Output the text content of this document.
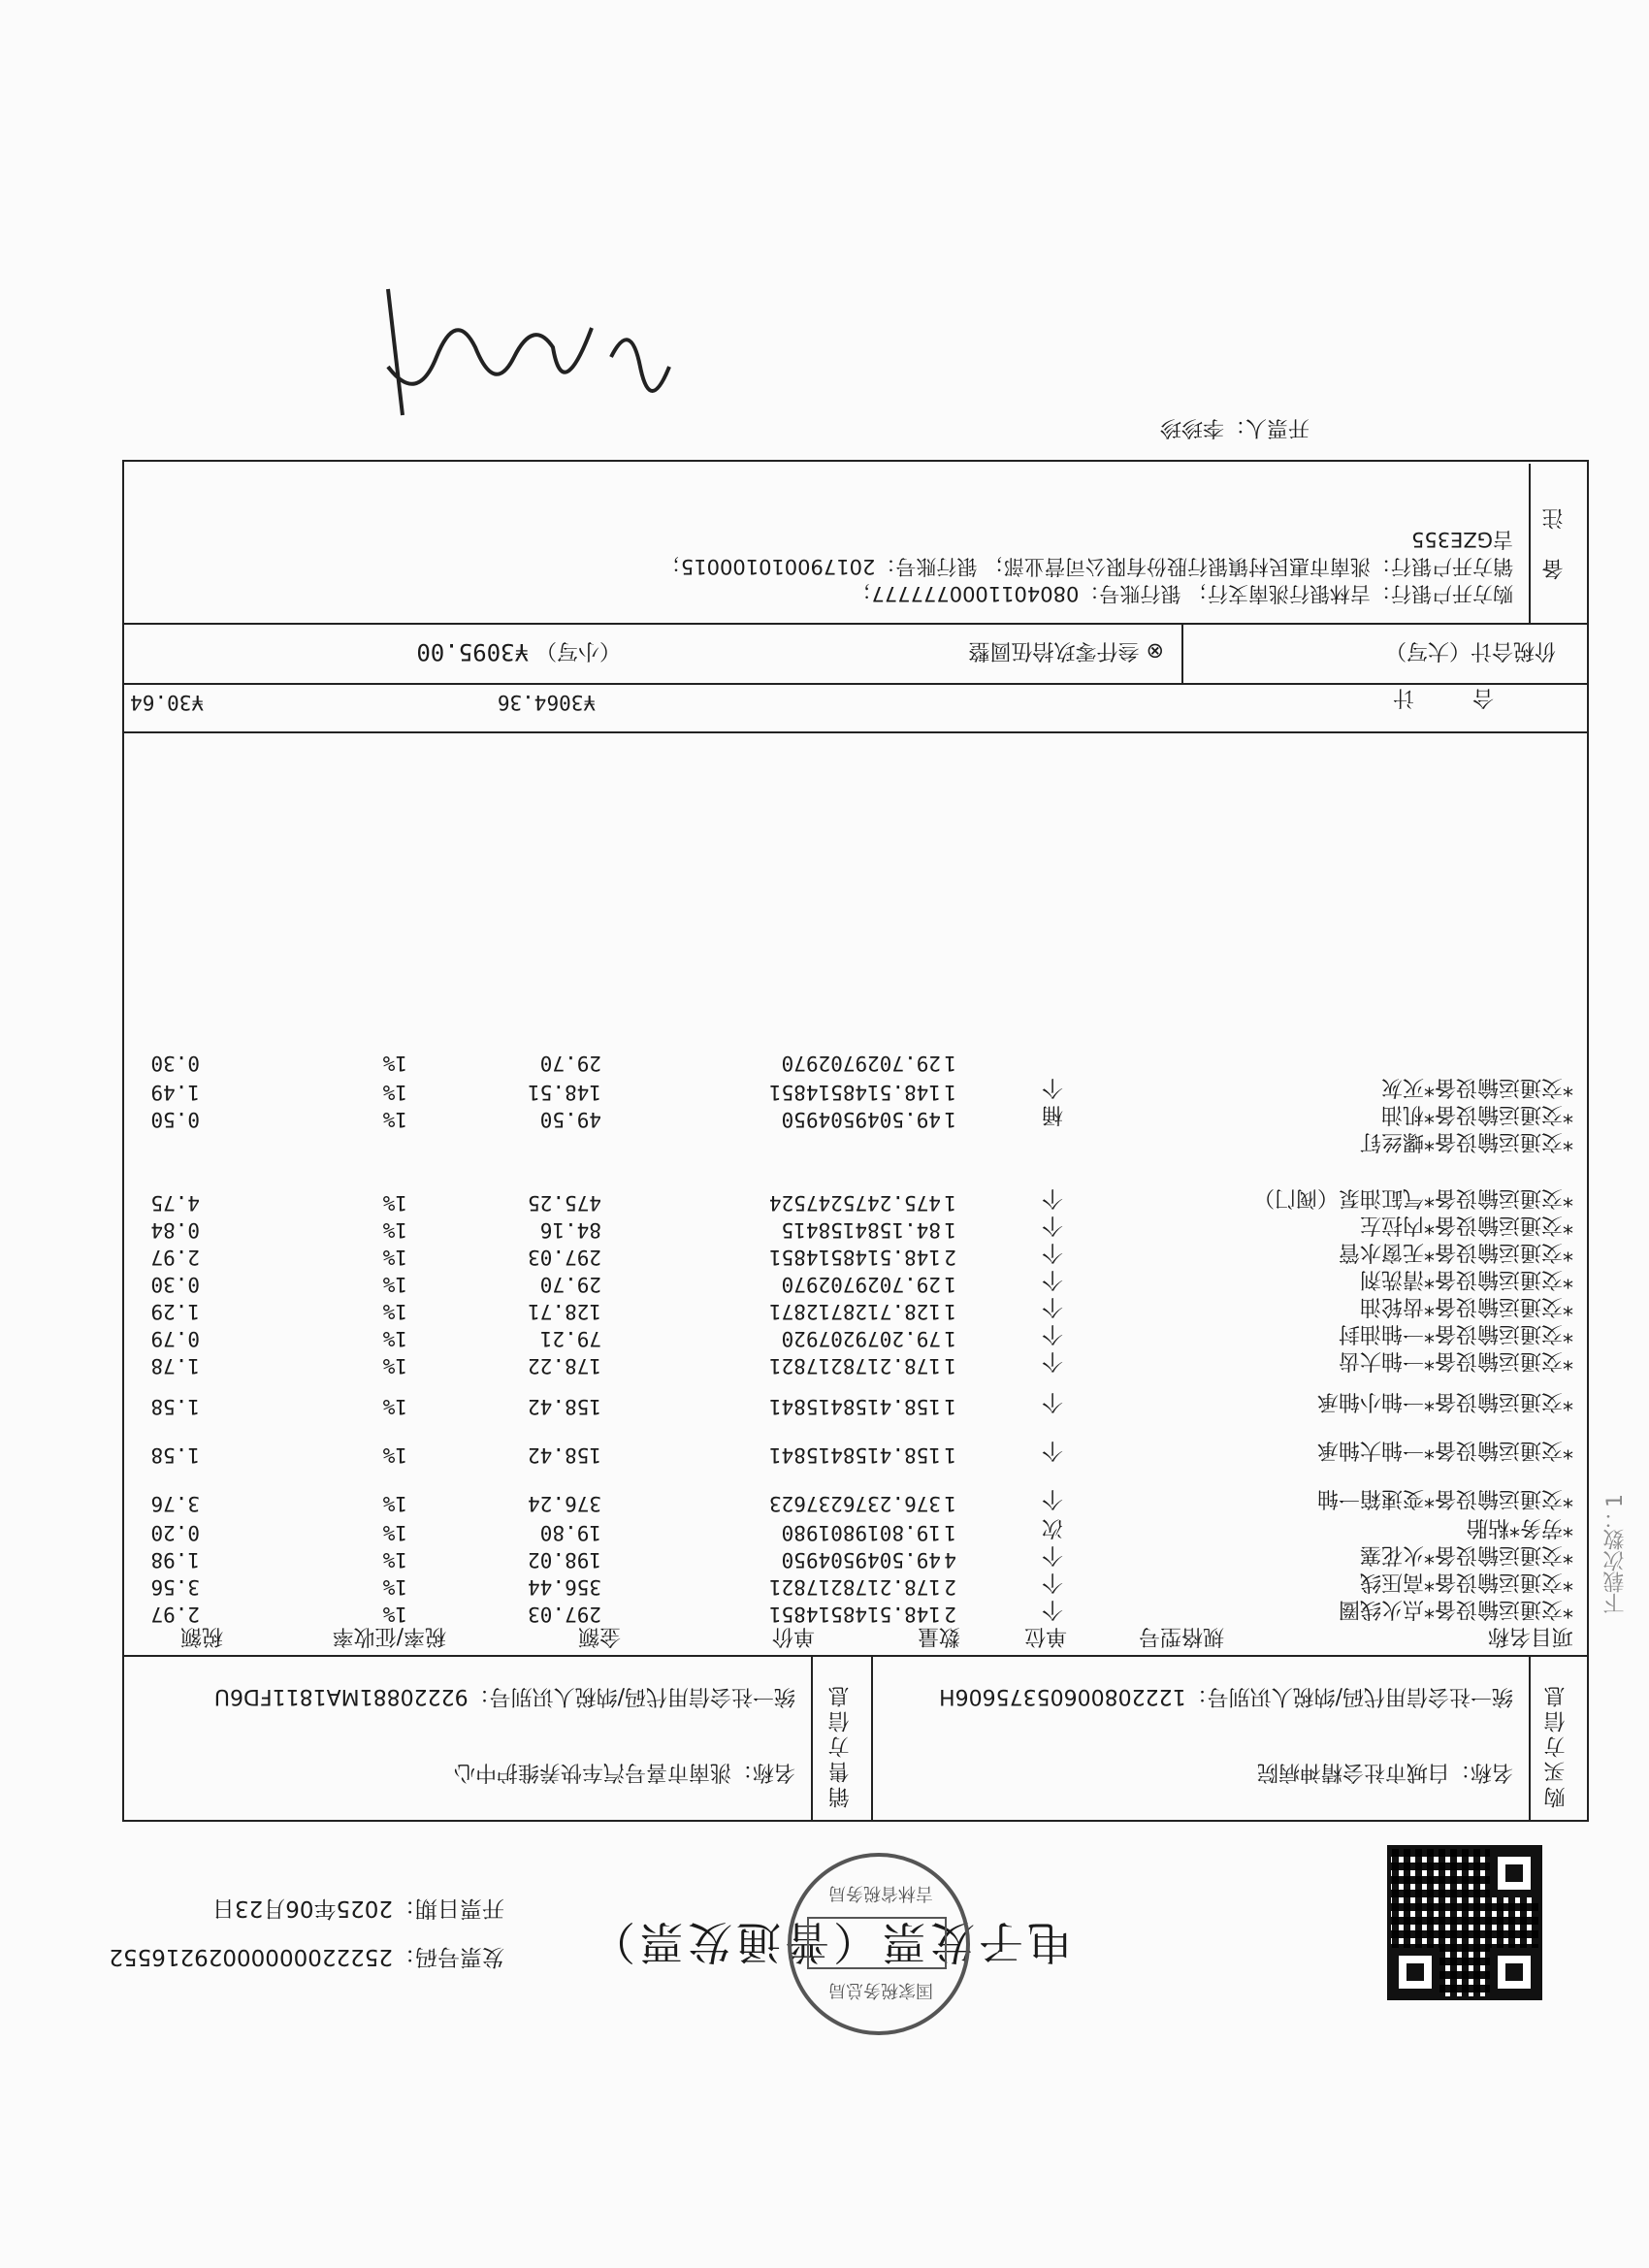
电子发票（普通发票）
国家税务总局
吉林省税务局
发票号码：25222000000029216552
开票日期：2025年06月23日
购买方信息
名称：白城市社会精神病院
统一社会信用代码/纳税人识别号：12220800605375606H
销售方信息
名称：洮南市喜号汽车快养维护中心
统一社会信用代码/纳税人识别号：92220881MA1811FD6U
项目名称
规格型号
单位
数量
单价
金额
税率/征收率
税额
*交通运输设备*点火线圈
个
2
148.5148514851
297.03
1%
2.97
*交通运输设备*高压线
个
2
178.2178217821
356.44
1%
3.56
*交通运输设备*火花塞
个
4
49.5049504950
198.02
1%
1.98
*劳务*粘胎
次
1
19.8019801980
19.80
1%
0.20
*交通运输设备*变速箱一轴
个
1
376.2376237623
376.24
1%
3.76
*交通运输设备*一轴大轴承
个
1
158.4158415841
158.42
1%
1.58
*交通运输设备*一轴小轴承
个
1
158.4158415841
158.42
1%
1.58
*交通运输设备*一轴大齿
个
1
178.2178217821
178.22
1%
1.78
*交通运输设备*一轴油封
个
1
79.2079207920
79.21
1%
0.79
*交通运输设备*齿轮油
个
1
128.7128712871
128.71
1%
1.29
*交通运输设备*清洗剂
个
1
29.7029702970
29.70
1%
0.30
*交通运输设备*无窗水管
个
2
148.5148514851
297.03
1%
2.97
*交通运输设备*内拉左
个
1
84.1584158415
84.16
1%
0.84
*交通运输设备*气缸油泵（阀门）
个
1
475.2475247524
475.25
1%
4.75
*交通运输设备*螺丝钉
*交通运输设备*机油
桶
1
49.5049504950
49.50
1%
0.50
*交通运输设备*灭灰
个
1
148.5148514851
148.51
1%
1.49
1
29.7029702970
29.70
1%
0.30
合计
¥3064.36
¥30.64
价税合计（大写）
⊗ 叁仟零玖拾伍圆整
（小写） ¥3095.00
备注
购方开户银行：吉林银行洮南支行； 银行账号：0804011000777777；
销方开户银行：洮南市惠民村镇银行股份有限公司营业部； 银行账号：201790010100015；
吉GZE355
开票人：李珍珍
下载次数：1
